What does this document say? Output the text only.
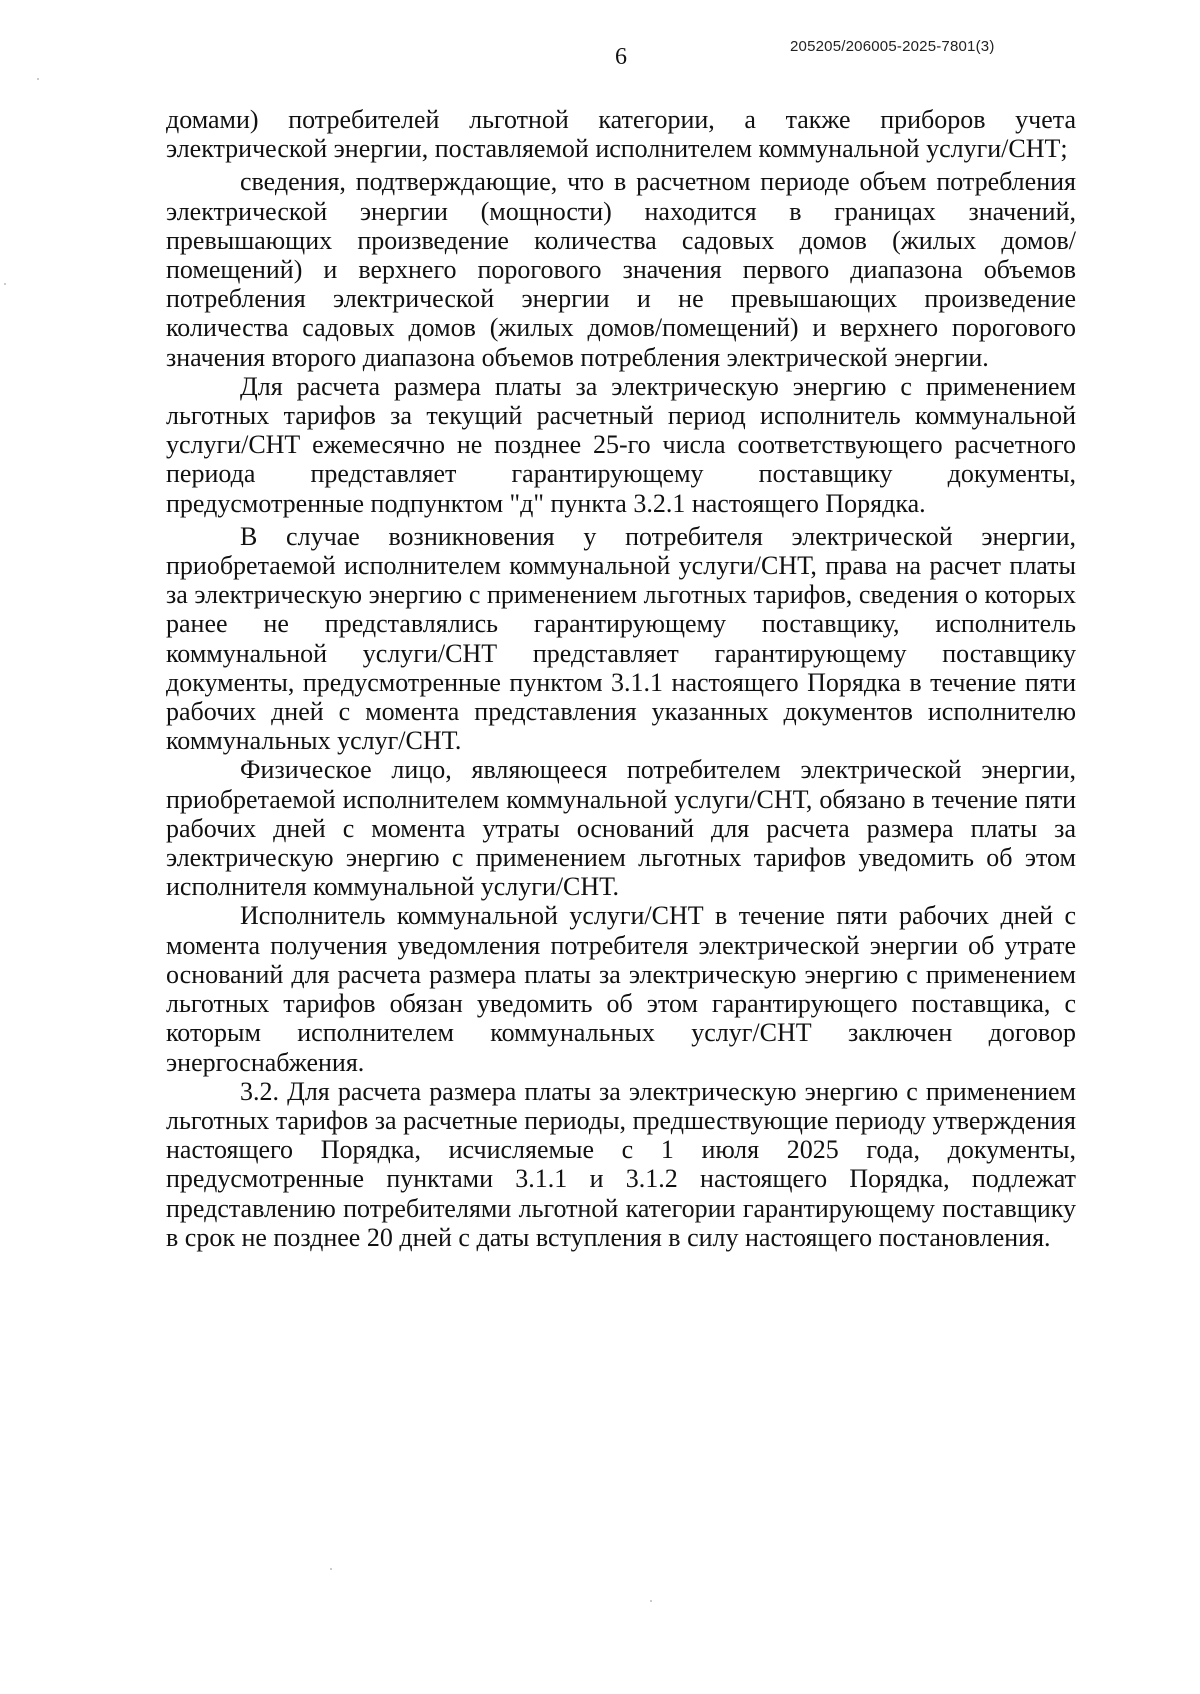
205205/206005-2025-7801(3)
6

домами) потребителей льготной категории, а также приборов учета электрической энергии, поставляемой исполнителем коммунальной услуги/СНТ;

сведения, подтверждающие, что в расчетном периоде объем потребления электрической энергии (мощности) находится в границах значений, превышающих произведение количества садовых домов (жилых домов/помещений) и верхнего порогового значения первого диапазона объемов потребления электрической энергии и не превышающих произведение количества садовых домов (жилых домов/помещений) и верхнего порогового значения второго диапазона объемов потребления электрической энергии.

Для расчета размера платы за электрическую энергию с применением льготных тарифов за текущий расчетный период исполнитель коммунальной услуги/СНТ ежемесячно не позднее 25-го числа соответствующего расчетного периода представляет гарантирующему поставщику документы, предусмотренные подпунктом "д" пункта 3.2.1 настоящего Порядка.

В случае возникновения у потребителя электрической энергии, приобретаемой исполнителем коммунальной услуги/СНТ, права на расчет платы за электрическую энергию с применением льготных тарифов, сведения о которых ранее не представлялись гарантирующему поставщику, исполнитель коммунальной услуги/СНТ представляет гарантирующему поставщику документы, предусмотренные пунктом 3.1.1 настоящего Порядка в течение пяти рабочих дней с момента представления указанных документов исполнителю коммунальных услуг/СНТ.

Физическое лицо, являющееся потребителем электрической энергии, приобретаемой исполнителем коммунальной услуги/СНТ, обязано в течение пяти рабочих дней с момента утраты оснований для расчета размера платы за электрическую энергию с применением льготных тарифов уведомить об этом исполнителя коммунальной услуги/СНТ.

Исполнитель коммунальной услуги/СНТ в течение пяти рабочих дней с момента получения уведомления потребителя электрической энергии об утрате оснований для расчета размера платы за электрическую энергию с применением льготных тарифов обязан уведомить об этом гарантирующего поставщика, с которым исполнителем коммунальных услуг/СНТ заключен договор энергоснабжения.

3.2. Для расчета размера платы за электрическую энергию с применением льготных тарифов за расчетные периоды, предшествующие периоду утверждения настоящего Порядка, исчисляемые с 1 июля 2025 года, документы, предусмотренные пунктами 3.1.1 и 3.1.2 настоящего Порядка, подлежат представлению потребителями льготной категории гарантирующему поставщику в срок не позднее 20 дней с даты вступления в силу настоящего постановления.
